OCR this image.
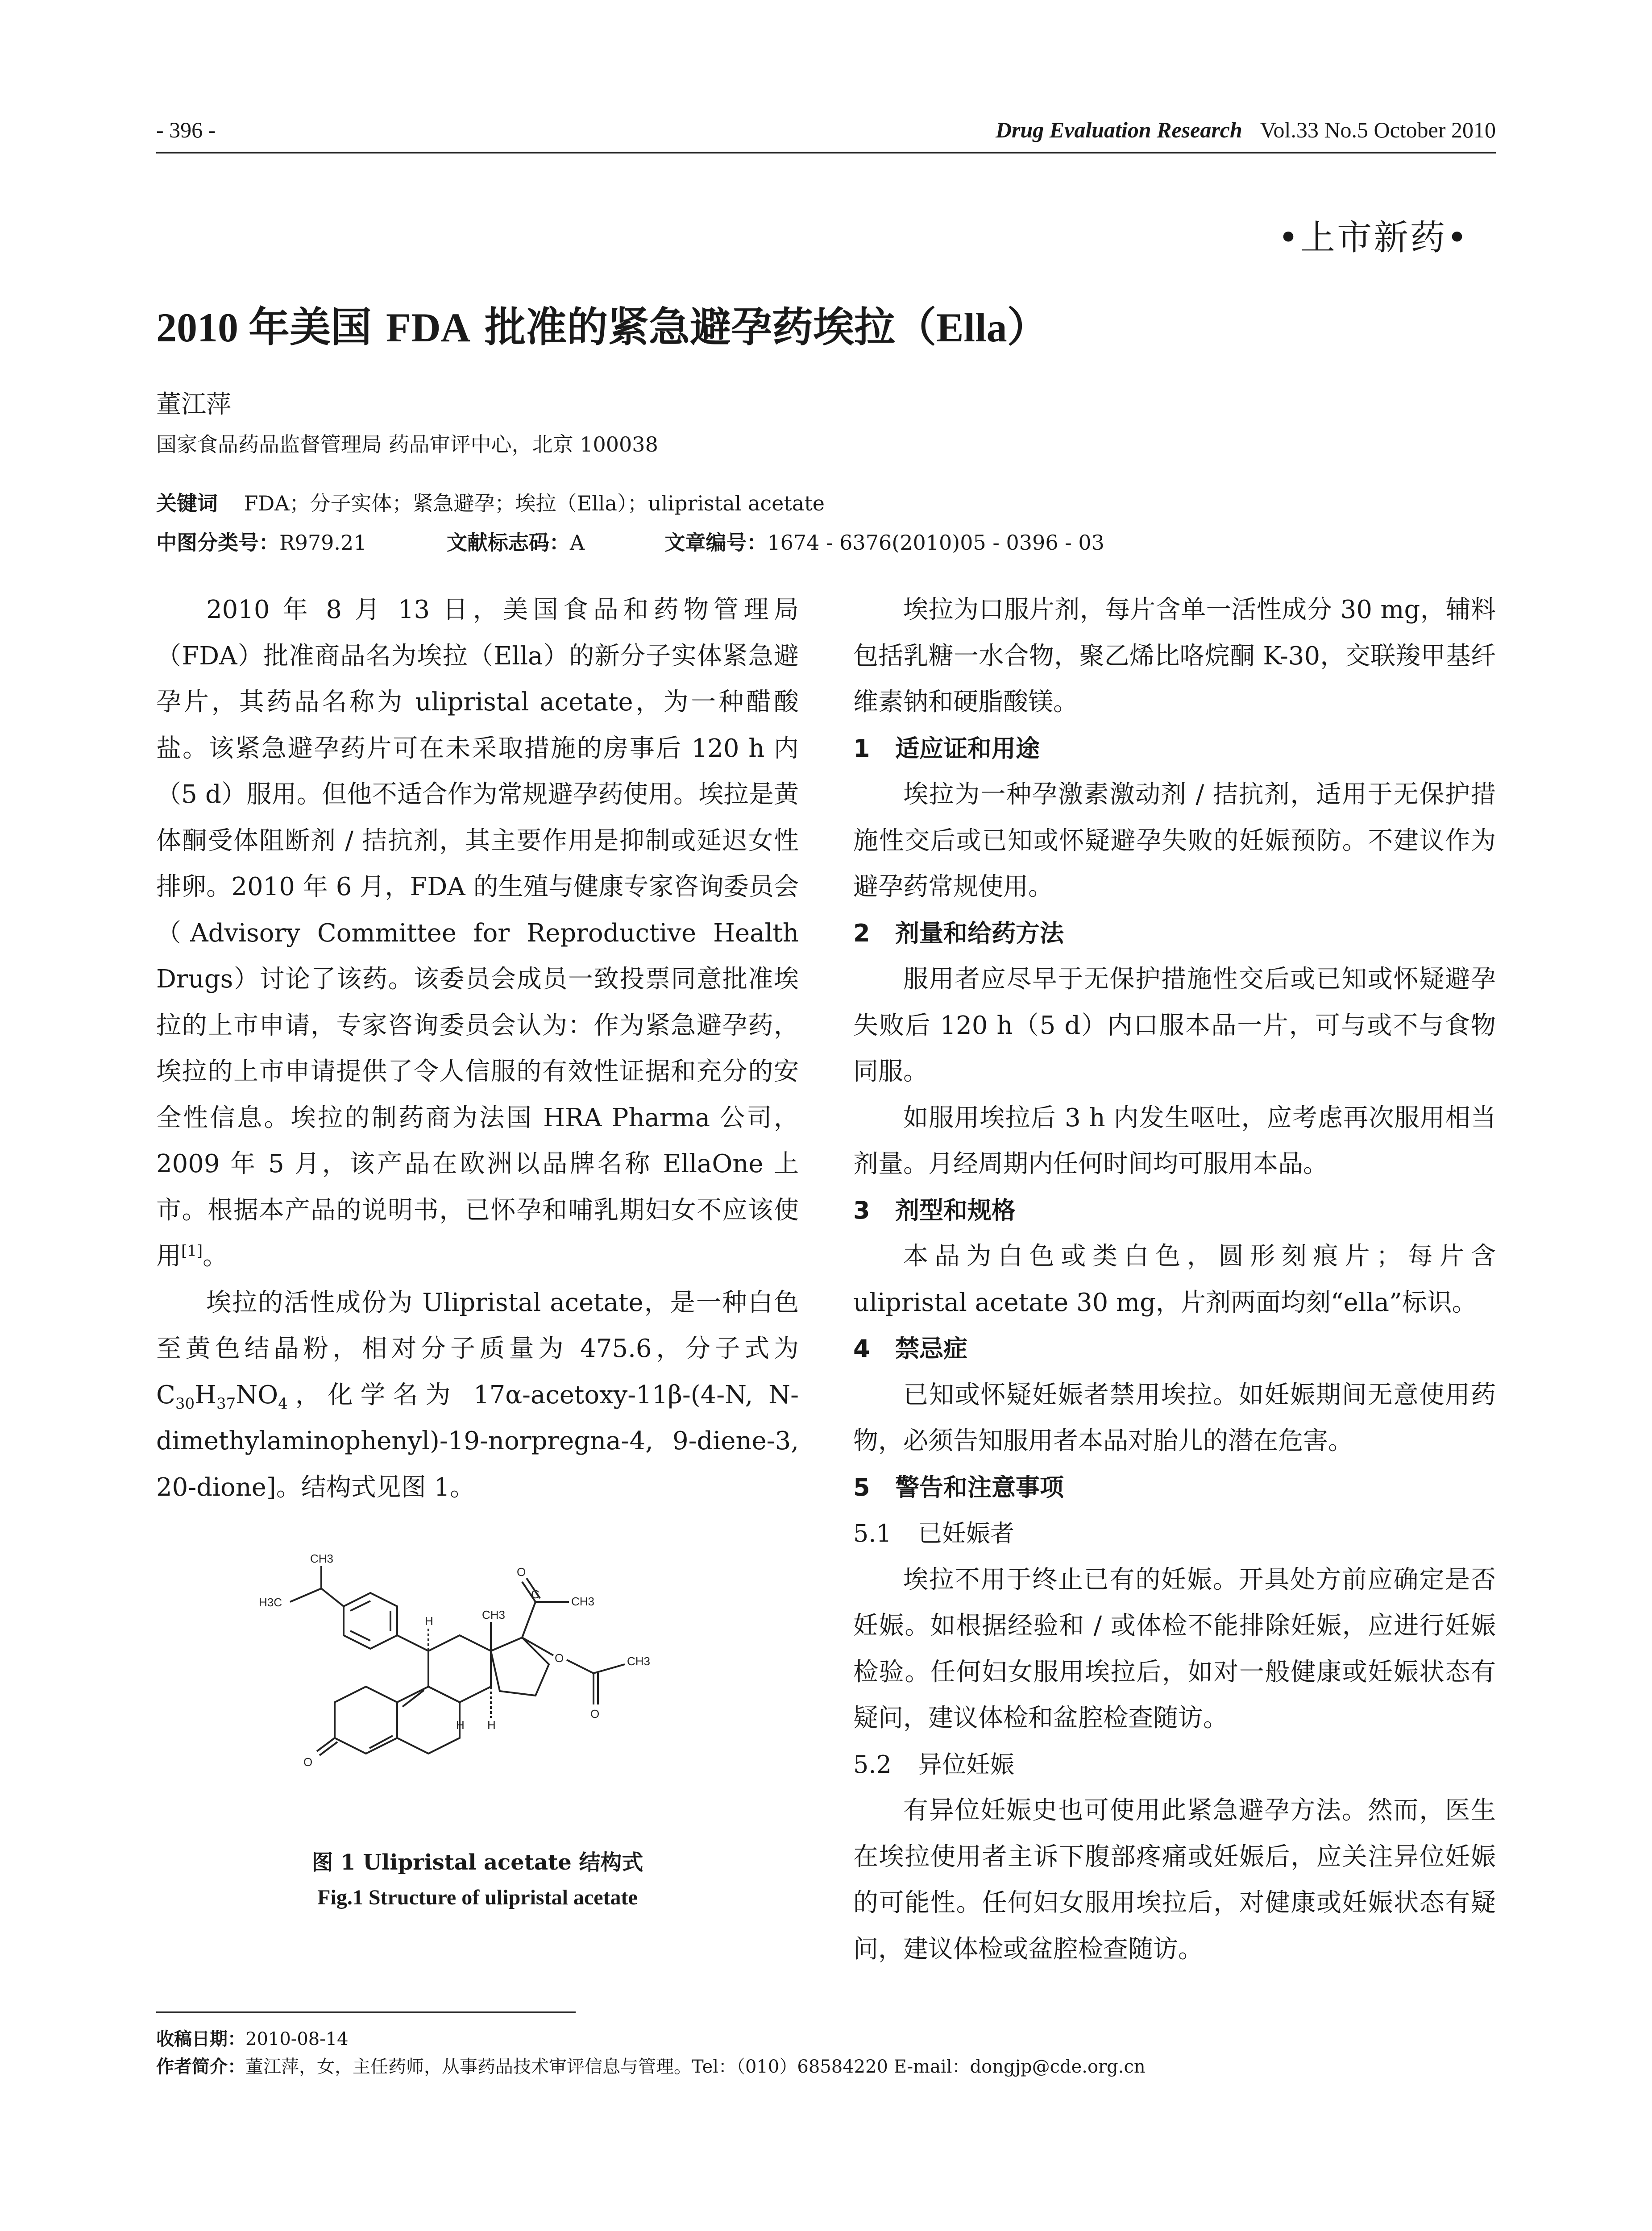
- 396 -	Drug Evaluation Research Vol.33 No.5 October 2010
•上市新药•
2010 年美国 FDA 批准的紧急避孕药埃拉（Ella）
董江萍
国家食品药品监督管理局 药品审评中心，北京 100038
关键词 FDA；分子实体；紧急避孕；埃拉（Ella）；ulipristal acetate
中图分类号：R979.21	文献标志码：A	文章编号：1674 - 6376(2010)05 - 0396 - 03

2010 年 8 月 13 日，美国食品和药物管理局（FDA）批准商品名为埃拉（Ella）的新分子实体紧急避孕片，其药品名称为 ulipristal acetate，为一种醋酸盐。该紧急避孕药片可在未采取措施的房事后 120 h 内（5 d）服用。但他不适合作为常规避孕药使用。埃拉是黄体酮受体阻断剂 / 拮抗剂，其主要作用是抑制或延迟女性排卵。2010 年 6 月，FDA 的生殖与健康专家咨询委员会（Advisory Committee for Reproductive Health Drugs）讨论了该药。该委员会成员一致投票同意批准埃拉的上市申请，专家咨询委员会认为：作为紧急避孕药，埃拉的上市申请提供了令人信服的有效性证据和充分的安全性信息。埃拉的制药商为法国 HRA Pharma 公司，2009 年 5 月，该产品在欧洲以品牌名称 EllaOne 上市。根据本产品的说明书，已怀孕和哺乳期妇女不应该使用[1]。

埃拉的活性成份为 Ulipristal acetate，是一种白色至黄色结晶粉，相对分子质量为 475.6，分子式为 $C_{30}H_{37}NO_4$，化学名为 17α-acetoxy-11β-(4-N, N-dimethylaminophenyl)-19-norpregna-4, 9-diene-3, 20-dione]。结构式见图 1。

CH3
H3C
H	CH3
C
CH3
O
O	CH3
O
H H
O
图 1 Ulipristal acetate 结构式
Fig.1 Structure of ulipristal acetate

埃拉为口服片剂，每片含单一活性成分 30 mg，辅料包括乳糖一水合物，聚乙烯比咯烷酮 K-30，交联羧甲基纤维素钠和硬脂酸镁。

1 适应证和用途

埃拉为一种孕激素激动剂 / 拮抗剂，适用于无保护措施性交后或已知或怀疑避孕失败的妊娠预防。不建议作为避孕药常规使用。

2 剂量和给药方法

服用者应尽早于无保护措施性交后或已知或怀疑避孕失败后 120 h（5 d）内口服本品一片，可与或不与食物同服。

如服用埃拉后 3 h 内发生呕吐，应考虑再次服用相当剂量。月经周期内任何时间均可服用本品。

3 剂型和规格

本品为白色或类白色，圆形刻痕片；每片含 ulipristal acetate 30 mg，片剂两面均刻“ella”标识。

4 禁忌症

已知或怀疑妊娠者禁用埃拉。如妊娠期间无意使用药物，必须告知服用者本品对胎儿的潜在危害。

5 警告和注意事项
5.1 已妊娠者

埃拉不用于终止已有的妊娠。开具处方前应确定是否妊娠。如根据经验和 / 或体检不能排除妊娠，应进行妊娠检验。任何妇女服用埃拉后，如对一般健康或妊娠状态有疑问，建议体检和盆腔检查随访。

5.2 异位妊娠

有异位妊娠史也可使用此紧急避孕方法。然而，医生在埃拉使用者主诉下腹部疼痛或妊娠后，应关注异位妊娠的可能性。任何妇女服用埃拉后，对健康或妊娠状态有疑问，建议体检或盆腔检查随访。

收稿日期：2010-08-14
作者简介：董江萍，女，主任药师，从事药品技术审评信息与管理。Tel：（010）68584220 E-mail：dongjp@cde.org.cn
